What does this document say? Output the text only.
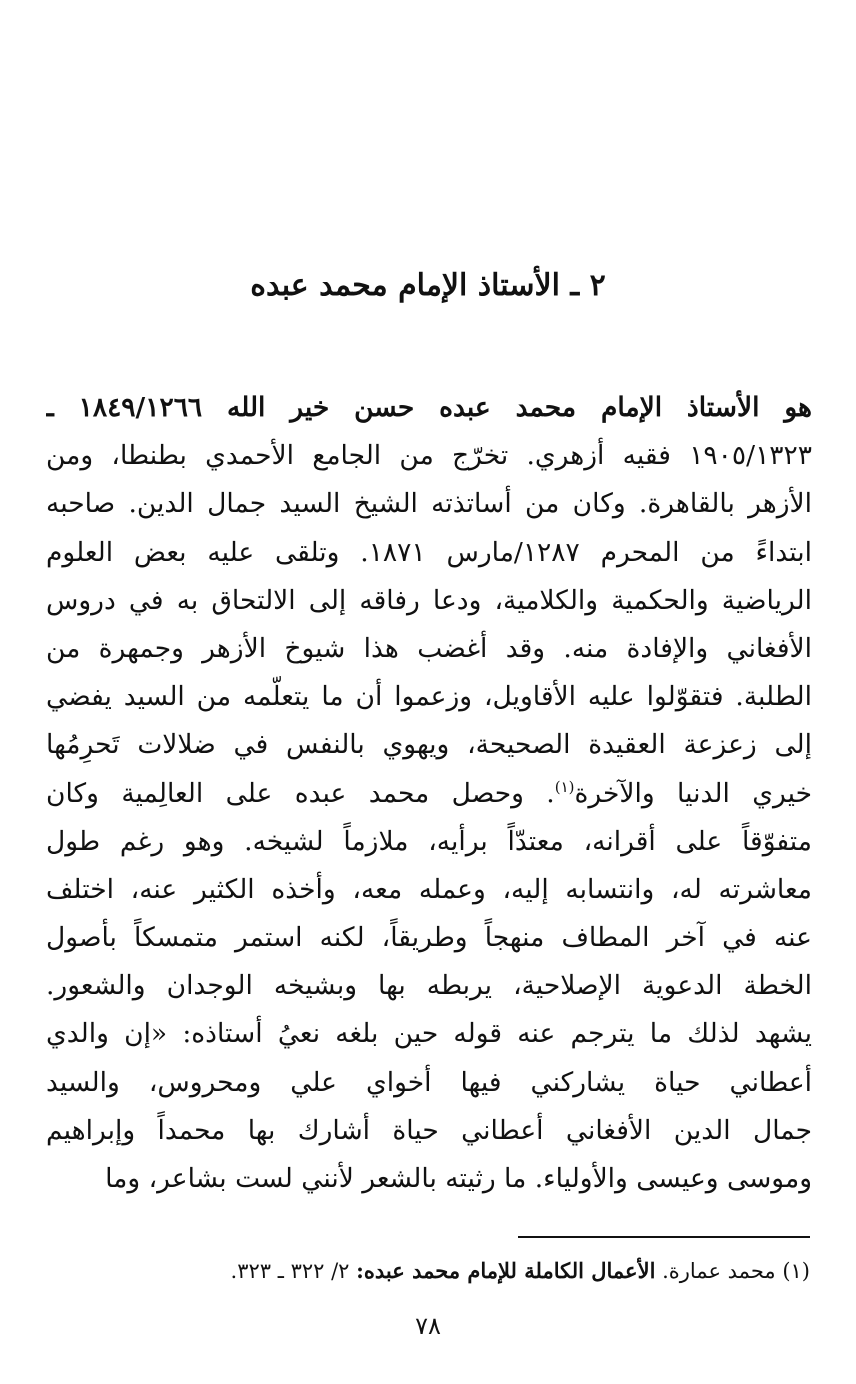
٢ ـ الأستاذ الإمام محمد عبده
هو الأستاذ الإمام محمد عبده حسن خير الله ١٨٤٩/١٢٦٦ ـ
١٩٠٥/١٣٢٣ فقيه أزهري. تخرّج من الجامع الأحمدي بطنطا، ومن
الأزهر بالقاهرة. وكان من أساتذته الشيخ السيد جمال الدين. صاحبه
ابتداءً من المحرم ١٢٨٧/مارس ١٨٧١. وتلقى عليه بعض العلوم
الرياضية والحكمية والكلامية، ودعا رفاقه إلى الالتحاق به في دروس
الأفغاني والإفادة منه. وقد أغضب هذا شيوخ الأزهر وجمهرة من
الطلبة. فتقوّلوا عليه الأقاويل، وزعموا أن ما يتعلّمه من السيد يفضي
إلى زعزعة العقيدة الصحيحة، ويهوي بالنفس في ضلالات تَحرِمُها
خيري الدنيا والآخرة$^{(١)}$. وحصل محمد عبده على العالِمية وكان
متفوّقاً على أقرانه، معتدّاً برأيه، ملازماً لشيخه. وهو رغم طول
معاشرته له، وانتسابه إليه، وعمله معه، وأخذه الكثير عنه، اختلف
عنه في آخر المطاف منهجاً وطريقاً، لكنه استمر متمسكاً بأصول
الخطة الدعوية الإصلاحية، يربطه بها وبشيخه الوجدان والشعور.
يشهد لذلك ما يترجم عنه قوله حين بلغه نعيُ أستاذه: «إن والدي
أعطاني حياة يشاركني فيها أخواي علي ومحروس، والسيد
جمال الدين الأفغاني أعطاني حياة أشارك بها محمداً وإبراهيم
وموسى وعيسى والأولياء. ما رثيته بالشعر لأنني لست بشاعر، وما
(١) محمد عمارة. الأعمال الكاملة للإمام محمد عبده: ٢/ ٣٢٢ ـ ٣٢٣.
٧٨
